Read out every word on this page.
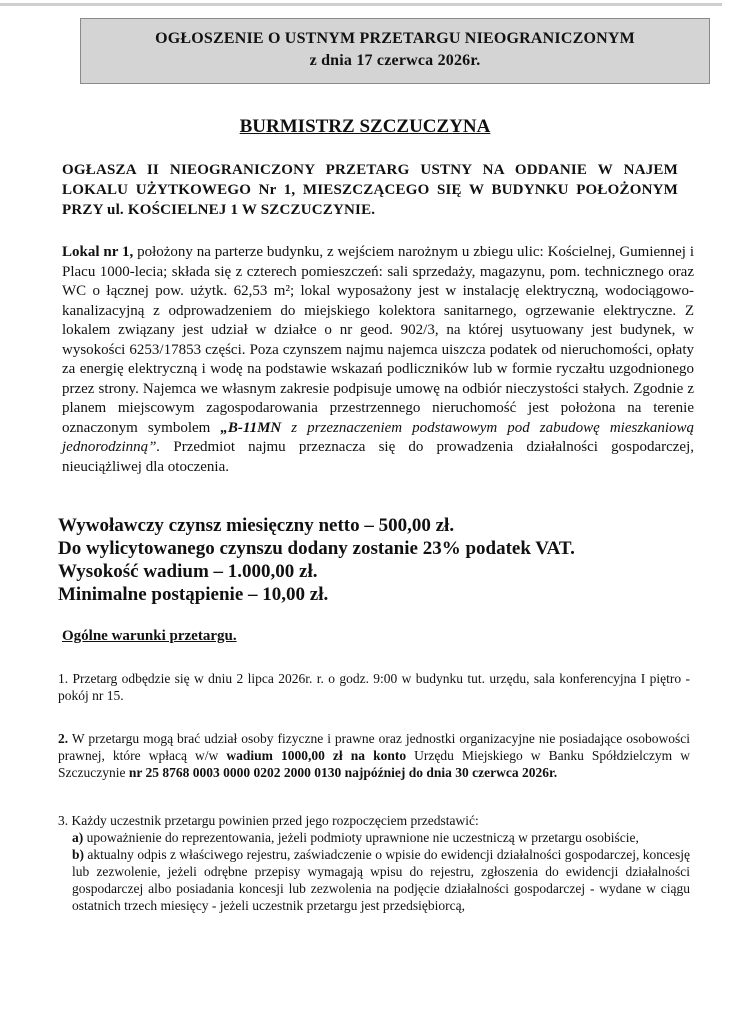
OGŁOSZENIE O USTNYM PRZETARGU NIEOGRANICZONYM
z dnia 17 czerwca 2026r.
BURMISTRZ SZCZUCZYNA
OGŁASZA II NIEOGRANICZONY PRZETARG USTNY NA ODDANIE W NAJEM LOKALU UŻYTKOWEGO Nr 1, MIESZCZĄCEGO SIĘ W BUDYNKU POŁOŻONYM PRZY ul. KOŚCIELNEJ 1 W SZCZUCZYNIE.
Lokal nr 1, położony na parterze budynku, z wejściem narożnym u zbiegu ulic: Kościelnej, Gumiennej i Placu 1000-lecia; składa się z czterech pomieszczeń: sali sprzedaży, magazynu, pom. technicznego oraz WC o łącznej pow. użytk. 62,53 m²; lokal wyposażony jest w instalację elektryczną, wodociągowo-kanalizacyjną z odprowadzeniem do miejskiego kolektora sanitarnego, ogrzewanie elektryczne. Z lokalem związany jest udział w działce o nr geod. 902/3, na której usytuowany jest budynek, w wysokości 6253/17853 części. Poza czynszem najmu najemca uiszcza podatek od nieruchomości, opłaty za energię elektryczną i wodę na podstawie wskazań podliczników lub w formie ryczałtu uzgodnionego przez strony. Najemca we własnym zakresie podpisuje umowę na odbiór nieczystości stałych. Zgodnie z planem miejscowym zagospodarowania przestrzennego nieruchomość jest położona na terenie oznaczonym symbolem „B-11MN z przeznaczeniem podstawowym pod zabudowę mieszkaniową jednorodzinną”. Przedmiot najmu przeznacza się do prowadzenia działalności gospodarczej, nieuciążliwej dla otoczenia.
Wywoławczy czynsz miesięczny netto – 500,00 zł.
Do wylicytowanego czynszu dodany zostanie 23% podatek VAT.
Wysokość wadium – 1.000,00 zł.
Minimalne postąpienie – 10,00 zł.
Ogólne warunki przetargu.
1. Przetarg odbędzie się w dniu 2 lipca 2026r. r. o godz. 9:00 w budynku tut. urzędu, sala konferencyjna I piętro - pokój nr 15.
2. W przetargu mogą brać udział osoby fizyczne i prawne oraz jednostki organizacyjne nie posiadające osobowości prawnej, które wpłacą w/w wadium 1000,00 zł na konto Urzędu Miejskiego w Banku Spółdzielczym w Szczuczynie nr 25 8768 0003 0000 0202 2000 0130 najpóźniej do dnia 30 czerwca 2026r.
3. Każdy uczestnik przetargu powinien przed jego rozpoczęciem przedstawić:
a) upoważnienie do reprezentowania, jeżeli podmioty uprawnione nie uczestniczą w przetargu osobiście,
b) aktualny odpis z właściwego rejestru, zaświadczenie o wpisie do ewidencji działalności gospodarczej, koncesję lub zezwolenie, jeżeli odrębne przepisy wymagają wpisu do rejestru, zgłoszenia do ewidencji działalności gospodarczej albo posiadania koncesji lub zezwolenia na podjęcie działalności gospodarczej - wydane w ciągu ostatnich trzech miesięcy - jeżeli uczestnik przetargu jest przedsiębiorcą,
